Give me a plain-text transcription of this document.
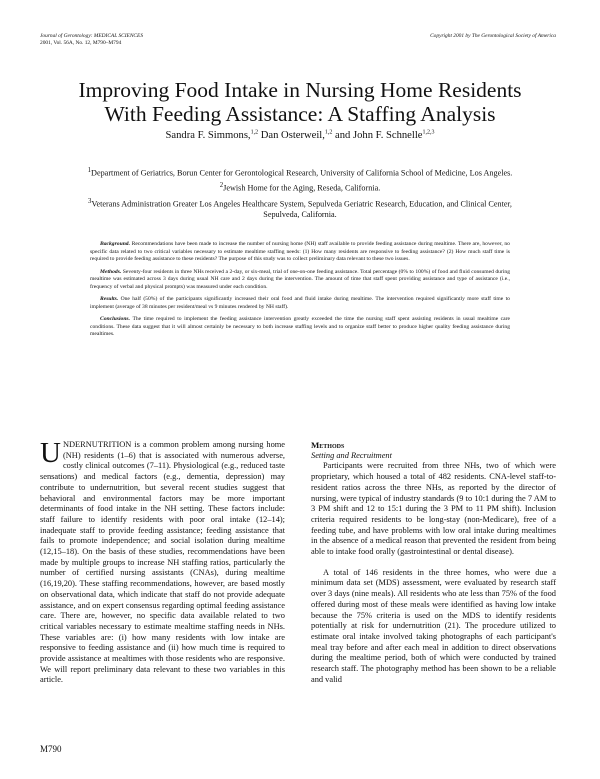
Journal of Gerontology: MEDICAL SCIENCES
2001, Vol. 56A, No. 12, M790–M794
Copyright 2001 by The Gerontological Society of America
Improving Food Intake in Nursing Home Residents
With Feeding Assistance: A Staffing Analysis
Sandra F. Simmons,$^{1,2}$ Dan Osterweil,$^{1,2}$ and John F. Schnelle$^{1,2,3}$
$^1$Department of Geriatrics, Borun Center for Gerontological Research, University of California School of Medicine, Los Angeles.
$^2$Jewish Home for the Aging, Reseda, California.
$^3$Veterans Administration Greater Los Angeles Healthcare System, Sepulveda Geriatric Research, Education, and Clinical Center, Sepulveda, California.

Background. Recommendations have been made to increase the number of nursing home (NH) staff available to provide feeding assistance during mealtime. There are, however, no specific data related to two critical variables necessary to estimate mealtime staffing needs: (1) How many residents are responsive to feeding assistance? (2) How much staff time is required to provide feeding assistance to these residents? The purpose of this study was to collect preliminary data relevant to these two issues.

Methods. Seventy-four residents in three NHs received a 2-day, or six-meal, trial of one-on-one feeding assistance. Total percentage (0% to 100%) of food and fluid consumed during mealtime was estimated across 3 days during usual NH care and 2 days during the intervention. The amount of time that staff spent providing assistance and type of assistance (i.e., frequency of verbal and physical prompts) was measured under each condition.

Results. One half (50%) of the participants significantly increased their oral food and fluid intake during mealtime. The intervention required significantly more staff time to implement (average of 38 minutes per resident/meal vs 9 minutes rendered by NH staff).

Conclusions. The time required to implement the feeding assistance intervention greatly exceeded the time the nursing staff spent assisting residents in usual mealtime care conditions. These data suggest that it will almost certainly be necessary to both increase staffing levels and to organize staff better to produce higher quality feeding assistance during mealtimes.

UNDERNUTRITION is a common problem among nursing home (NH) residents (1–6) that is associated with numerous adverse, costly clinical outcomes (7–11). Physiological (e.g., reduced taste sensations) and medical factors (e.g., dementia, depression) may contribute to undernutrition, but several recent studies suggest that behavioral and environmental factors may be more important determinants of food intake in the NH setting. These factors include: staff failure to identify residents with poor oral intake (12–14); inadequate staff to provide feeding assistance; feeding assistance that fails to promote independence; and social isolation during mealtime (12,15–18). On the basis of these studies, recommendations have been made by multiple groups to increase NH staffing ratios, particularly the number of certified nursing assistants (CNAs), during mealtime (16,19,20). These staffing recommendations, however, are based mostly on observational data, which indicate that staff do not provide adequate assistance, and on expert consensus regarding optimal feeding assistance care. There are, however, no specific data available related to two critical variables necessary to estimate mealtime staffing needs in NHs. These variables are: (i) how many residents with low intake are responsive to feeding assistance and (ii) how much time is required to provide assistance at mealtimes with those residents who are responsive. We will report preliminary data relevant to these two variables in this article.

Methods

Setting and Recruitment

Participants were recruited from three NHs, two of which were proprietary, which housed a total of 482 residents. CNA-level staff-to-resident ratios across the three NHs, as reported by the director of nursing, were typical of industry standards (9 to 10:1 during the 7 AM to 3 PM shift and 12 to 15:1 during the 3 PM to 11 PM shift). Inclusion criteria required residents to be long-stay (non-Medicare), free of a feeding tube, and have problems with low oral intake during mealtimes in the absence of a medical reason that prevented the resident from being able to intake food orally (gastrointestinal or dental disease).

A total of 146 residents in the three homes, who were due a minimum data set (MDS) assessment, were evaluated by research staff over 3 days (nine meals). All residents who ate less than 75% of the food offered during most of these meals were identified as having low intake because the 75% criteria is used on the MDS to identify residents potentially at risk for undernutrition (21). The procedure utilized to estimate oral intake involved taking photographs of each participant's meal tray before and after each meal in addition to direct observations during the mealtime period, both of which were conducted by trained research staff. The photography method has been shown to be a reliable and valid

M790
